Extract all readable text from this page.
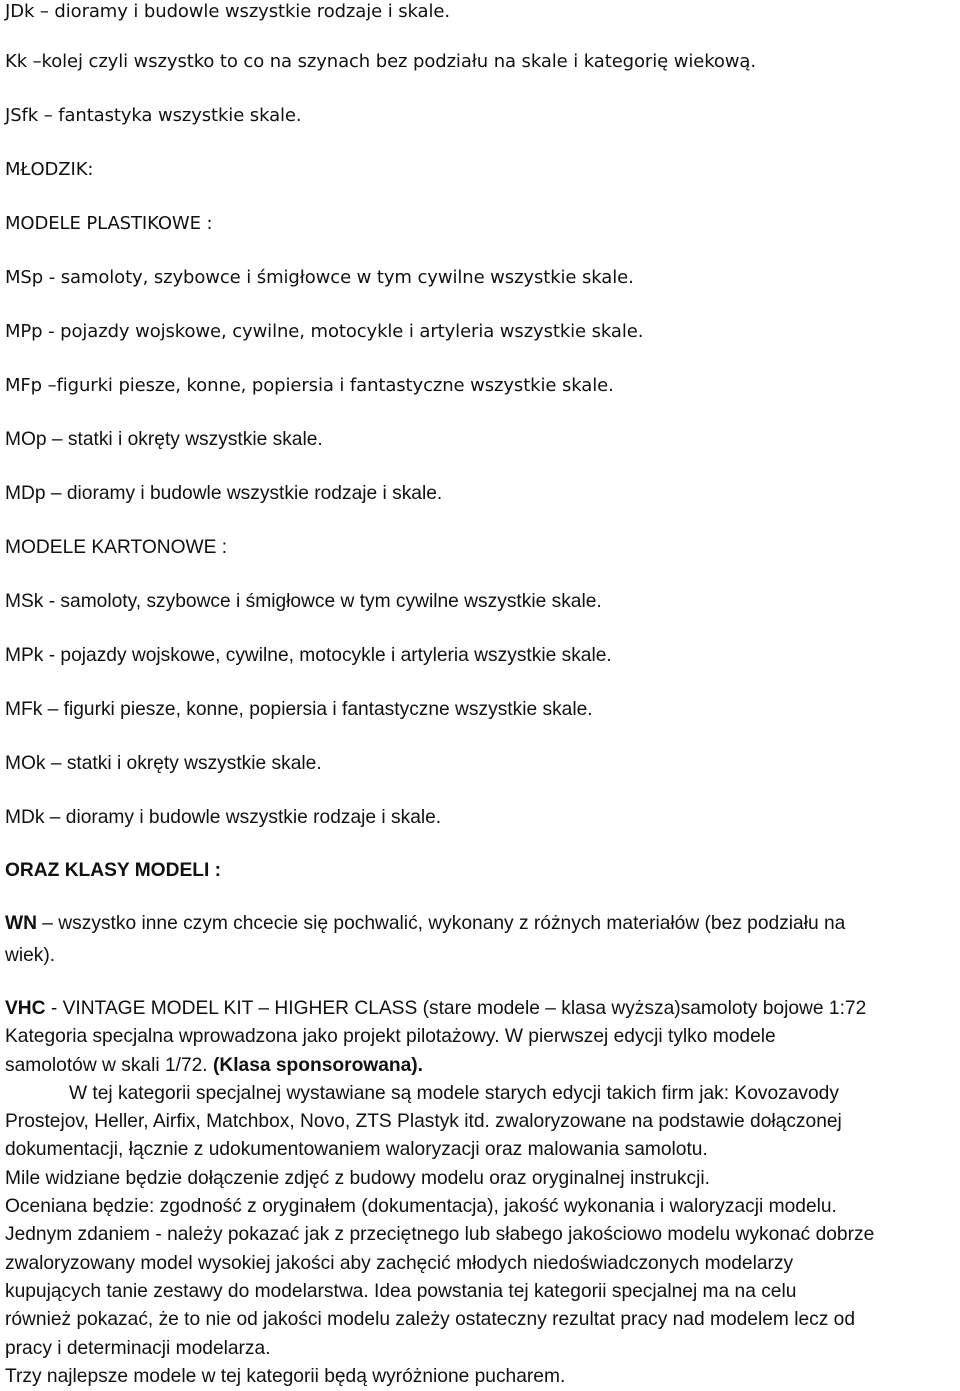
JDk – dioramy i budowle wszystkie rodzaje i skale.
Kk –kolej czyli wszystko to co na szynach bez podziału na skale i kategorię wiekową.
JSfk – fantastyka wszystkie skale.
MŁODZIK:
MODELE PLASTIKOWE :
MSp - samoloty, szybowce i śmigłowce w tym cywilne wszystkie skale.
MPp - pojazdy wojskowe, cywilne, motocykle i artyleria wszystkie skale.
MFp –figurki piesze, konne, popiersia i fantastyczne wszystkie skale.
MOp – statki i okręty wszystkie skale.
MDp – dioramy i budowle wszystkie rodzaje i skale.
MODELE KARTONOWE :
MSk - samoloty, szybowce i śmigłowce w tym cywilne wszystkie skale.
MPk - pojazdy wojskowe, cywilne, motocykle i artyleria wszystkie skale.
MFk – figurki piesze, konne, popiersia i fantastyczne wszystkie skale.
MOk – statki i okręty wszystkie skale.
MDk – dioramy i budowle wszystkie rodzaje i skale.
ORAZ KLASY MODELI :
WN – wszystko inne czym chcecie się pochwalić, wykonany z różnych materiałów (bez podziału na
wiek).
VHC - VINTAGE MODEL KIT – HIGHER CLASS (stare modele – klasa wyższa)samoloty bojowe 1:72
Kategoria specjalna wprowadzona jako projekt pilotażowy. W pierwszej edycji tylko modele
samolotów w skali 1/72. (Klasa sponsorowana).
W tej kategorii specjalnej wystawiane są modele starych edycji takich firm jak: Kovozavody
Prostejov, Heller, Airfix, Matchbox, Novo, ZTS Plastyk itd. zwaloryzowane na podstawie dołączonej
dokumentacji, łącznie z udokumentowaniem waloryzacji oraz malowania samolotu.
Mile widziane będzie dołączenie zdjęć z budowy modelu oraz oryginalnej instrukcji.
Oceniana będzie: zgodność z oryginałem (dokumentacja), jakość wykonania i waloryzacji modelu.
Jednym zdaniem - należy pokazać jak z przeciętnego lub słabego jakościowo modelu wykonać dobrze
zwaloryzowany model wysokiej jakości aby zachęcić młodych niedoświadczonych modelarzy
kupujących tanie zestawy do modelarstwa. Idea powstania tej kategorii specjalnej ma na celu
również pokazać, że to nie od jakości modelu zależy ostateczny rezultat pracy nad modelem lecz od
pracy i determinacji modelarza.
Trzy najlepsze modele w tej kategorii będą wyróżnione pucharem.
